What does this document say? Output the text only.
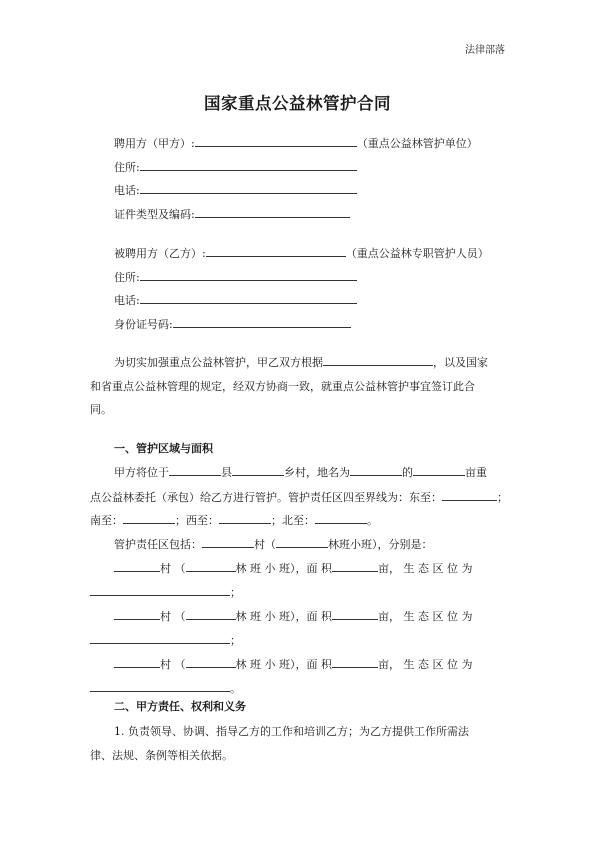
法律部落
国家重点公益林管护合同
聘用方（甲方）:	（重点公益林管护单位）
住所:
电话:
证件类型及编码:
被聘用方（乙方）:	（重点公益林专职管护人员）
住所:
电话:
身份证号码:
为切实加强重点公益林管护，甲乙双方根据	，以及国家
和省重点公益林管理的规定，经双方协商一致，就重点公益林管护事宜签订此合
同。
一、管护区域与面积
甲方将位于	县	乡村，地名为	的	亩重
点公益林委托（承包）给乙方进行管护。管护责任区四至界线为：东至：	；
南至：	；西至：	；北至：	。
管护责任区包括：	村（	林班小班），分别是：
村 （	林 班 小 班），面 积	亩， 生 态 区 位 为
；
村 （	林 班 小 班），面 积	亩， 生 态 区 位 为
；
村 （	林 班 小 班），面 积	亩， 生 态 区 位 为
。
二、甲方责任、权利和义务
1. 负责领导、协调、指导乙方的工作和培训乙方；为乙方提供工作所需法
律、法规、条例等相关依据。
